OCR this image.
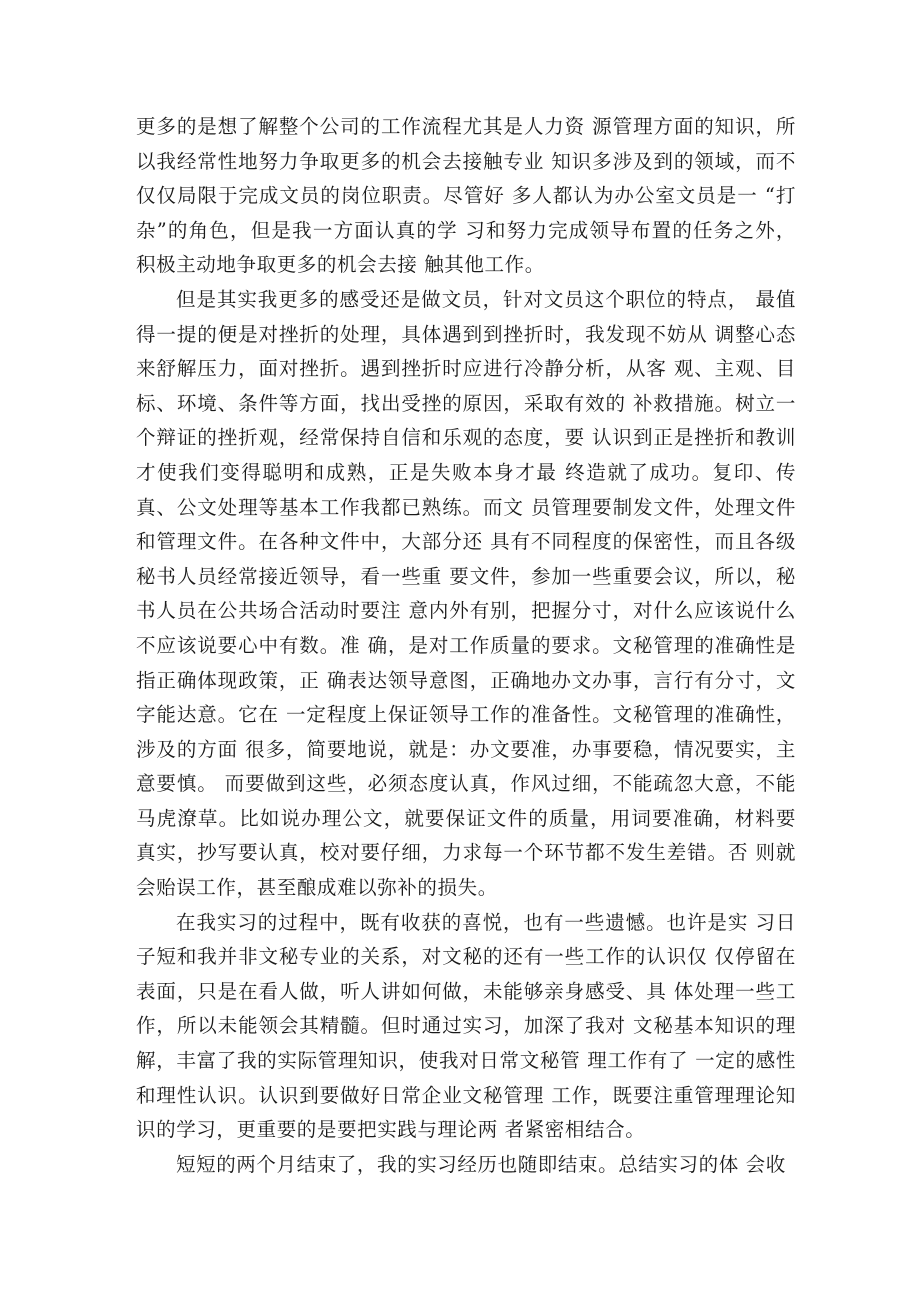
更多的是想了解整个公司的工作流程尤其是人力资 源管理方面的知识，所以我经常性地努力争取更多的机会去接触专业 知识多涉及到的领域，而不仅仅局限于完成文员的岗位职责。尽管好 多人都认为办公室文员是一 “打杂”的角色，但是我一方面认真的学 习和努力完成领导布置的任务之外，积极主动地争取更多的机会去接 触其他工作。

但是其实我更多的感受还是做文员，针对文员这个职位的特点， 最值得一提的便是对挫折的处理，具体遇到到挫折时，我发现不妨从 调整心态来舒解压力，面对挫折。遇到挫折时应进行冷静分析，从客 观、主观、目标、环境、条件等方面，找出受挫的原因，采取有效的 补救措施。树立一个辩证的挫折观，经常保持自信和乐观的态度，要 认识到正是挫折和教训才使我们变得聪明和成熟，正是失败本身才最 终造就了成功。复印、传真、公文处理等基本工作我都已熟练。而文 员管理要制发文件，处理文件和管理文件。在各种文件中，大部分还 具有不同程度的保密性，而且各级秘书人员经常接近领导，看一些重 要文件，参加一些重要会议，所以，秘书人员在公共场合活动时要注 意内外有别，把握分寸，对什么应该说什么不应该说要心中有数。准 确，是对工作质量的要求。文秘管理的准确性是指正确体现政策，正 确表达领导意图，正确地办文办事，言行有分寸，文字能达意。它在 一定程度上保证领导工作的准备性。文秘管理的准确性，涉及的方面 很多，简要地说，就是：办文要准，办事要稳，情况要实，主意要慎。 而要做到这些，必须态度认真，作风过细，不能疏忽大意，不能马虎潦草。比如说办理公文，就要保证文件的质量，用词要准确，材料要 真实，抄写要认真，校对要仔细，力求每一个环节都不发生差错。否 则就会贻误工作，甚至酿成难以弥补的损失。

在我实习的过程中，既有收获的喜悦，也有一些遗憾。也许是实 习日子短和我并非文秘专业的关系，对文秘的还有一些工作的认识仅 仅停留在表面，只是在看人做，听人讲如何做，未能够亲身感受、具 体处理一些工作，所以未能领会其精髓。但时通过实习，加深了我对 文秘基本知识的理解，丰富了我的实际管理知识，使我对日常文秘管 理工作有了 一定的感性和理性认识。认识到要做好日常企业文秘管理 工作，既要注重管理理论知识的学习，更重要的是要把实践与理论两 者紧密相结合。

短短的两个月结束了，我的实习经历也随即结束。总结实习的体 会收
